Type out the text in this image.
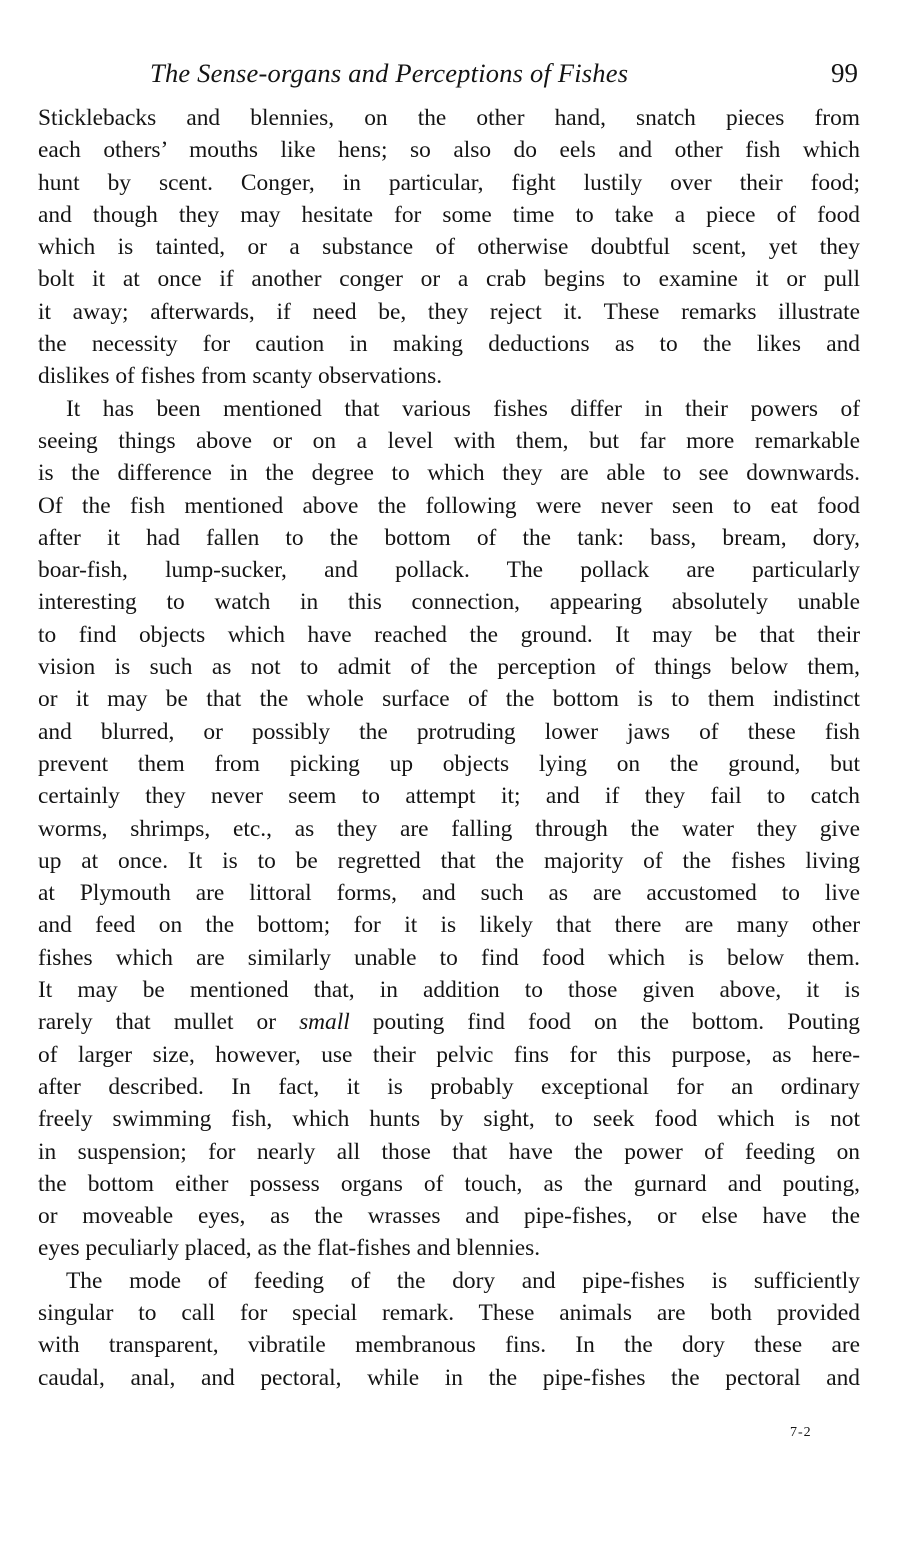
The Sense-organs and Perceptions of Fishes	99
Sticklebacks and blennies, on the other hand, snatch pieces from
each others’ mouths like hens; so also do eels and other fish which
hunt by scent. Conger, in particular, fight lustily over their food;
and though they may hesitate for some time to take a piece of food
which is tainted, or a substance of otherwise doubtful scent, yet they
bolt it at once if another conger or a crab begins to examine it or pull
it away; afterwards, if need be, they reject it. These remarks illustrate
the necessity for caution in making deductions as to the likes and
dislikes of fishes from scanty observations.
It has been mentioned that various fishes differ in their powers of
seeing things above or on a level with them, but far more remarkable
is the difference in the degree to which they are able to see downwards.
Of the fish mentioned above the following were never seen to eat food
after it had fallen to the bottom of the tank: bass, bream, dory,
boar-fish, lump-sucker, and pollack. The pollack are particularly
interesting to watch in this connection, appearing absolutely unable
to find objects which have reached the ground. It may be that their
vision is such as not to admit of the perception of things below them,
or it may be that the whole surface of the bottom is to them indistinct
and blurred, or possibly the protruding lower jaws of these fish
prevent them from picking up objects lying on the ground, but
certainly they never seem to attempt it; and if they fail to catch
worms, shrimps, etc., as they are falling through the water they give
up at once. It is to be regretted that the majority of the fishes living
at Plymouth are littoral forms, and such as are accustomed to live
and feed on the bottom; for it is likely that there are many other
fishes which are similarly unable to find food which is below them.
It may be mentioned that, in addition to those given above, it is
rarely that mullet or small pouting find food on the bottom. Pouting
of larger size, however, use their pelvic fins for this purpose, as here-
after described. In fact, it is probably exceptional for an ordinary
freely swimming fish, which hunts by sight, to seek food which is not
in suspension; for nearly all those that have the power of feeding on
the bottom either possess organs of touch, as the gurnard and pouting,
or moveable eyes, as the wrasses and pipe-fishes, or else have the
eyes peculiarly placed, as the flat-fishes and blennies.
The mode of feeding of the dory and pipe-fishes is sufficiently
singular to call for special remark. These animals are both provided
with transparent, vibratile membranous fins. In the dory these are
caudal, anal, and pectoral, while in the pipe-fishes the pectoral and
7-2
